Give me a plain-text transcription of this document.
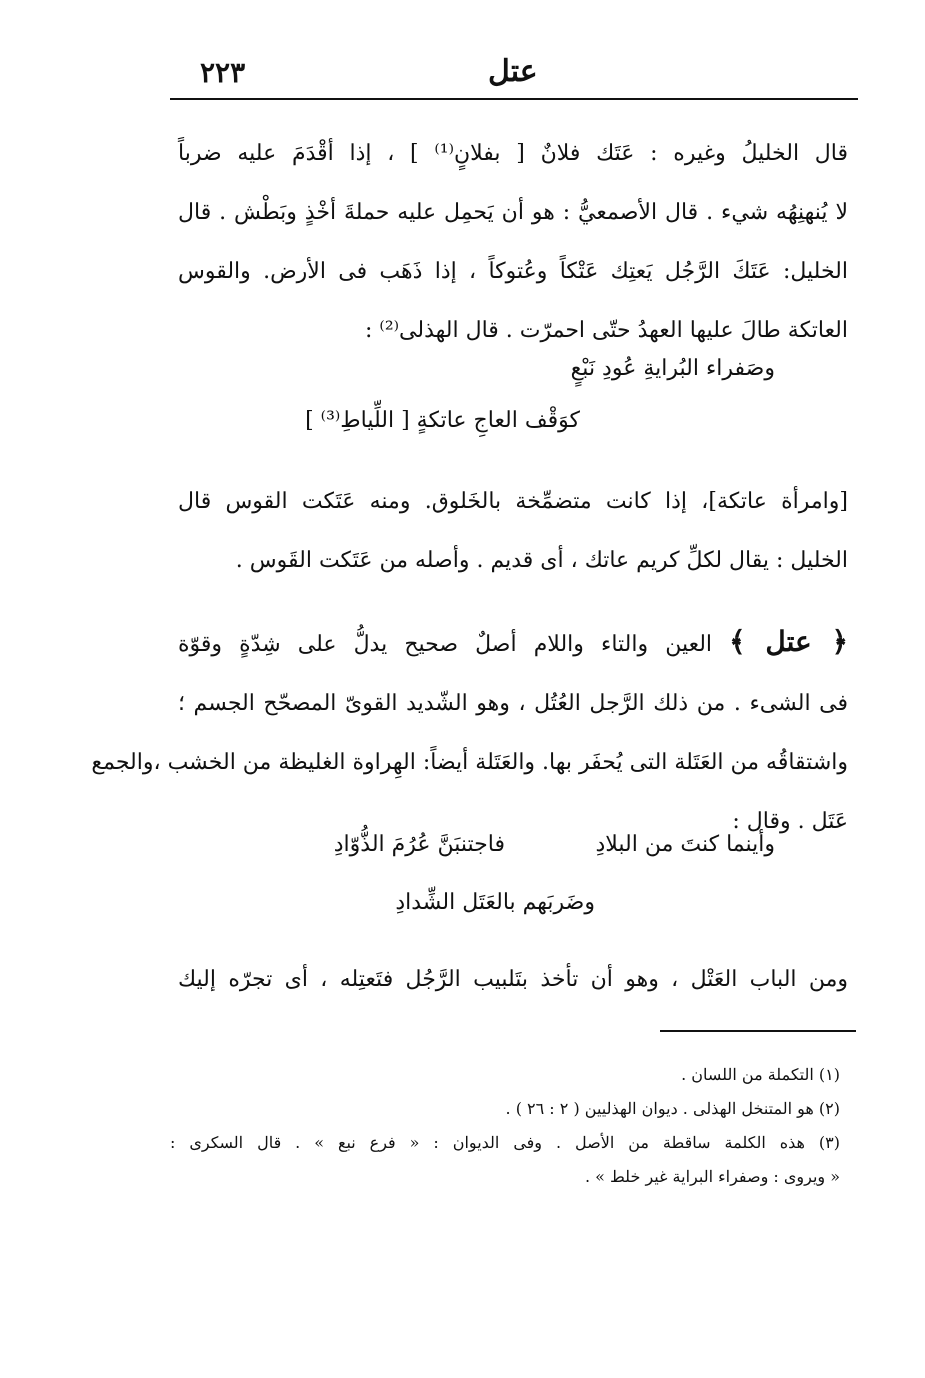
٢٢٣	عتل
قال الخليلُ وغيره : عَتَك فلانٌ [ بفلانٍ⁽¹⁾ ] ، إذا أقْدَمَ عليه ضرباً
لا يُنهنِهُه شيء . قال الأصمعيُّ : هو أن يَحمِل عليه حملةَ أخْذٍ وبَطْش . قال
الخليل: عَتَكَ الرَّجُل يَعتِك عَتْكاً وعُتوكاً ، إذا ذَهَب فى الأرض. والقوس
العاتكة طالَ عليها العهدُ حتّى احمرّت . قال الهذلى⁽²⁾ :
وصَفراء البُرايةِ عُودِ نَبْعٍ
كوَقْف العاجِ عاتكةٍ [ اللِّياطِ⁽³⁾ ]
[وامرأة عاتكة]، إذا كانت متضمِّخة بالخَلوق. ومنه عَتَكت القوس قال
الخليل : يقال لكلِّ كريم عاتك ، أى قديم . وأصله من عَتَكت القَوس .
﴿ عتل ﴾ العين والتاء واللام أصلٌ صحيح يدلُّ على شِدّةٍ وقوّة
فى الشىء . من ذلك الرَّجل العُتُل ، وهو الشّديد القوىّ المصحّح الجسم ؛
واشتقاقُه من العَتَلة التى يُحفَر بها. والعَتَلة أيضاً: الهِراوة الغليظة من الخشب ،والجمع
عَتَل . وقال :
وأينما كنتَ من البلادِ
فاجتنبَنَّ عُرُمَ الذُّوّادِ
وضَربَهم بالعَتَل الشِّدادِ
ومن الباب العَتْل ، وهو أن تأخذ بتَلبيب الرَّجُل فتَعتِله ، أى تجرّه إليك
(١) التكملة من اللسان .
(٢) هو المتنخل الهذلى . ديوان الهذليين ( ٢ : ٢٦ ) .
(٣) هذه الكلمة ساقطة من الأصل . وفى الديوان : « فرع نبع » . قال السكرى :
« ويروى : وصفراء البراية غير خلط » .
